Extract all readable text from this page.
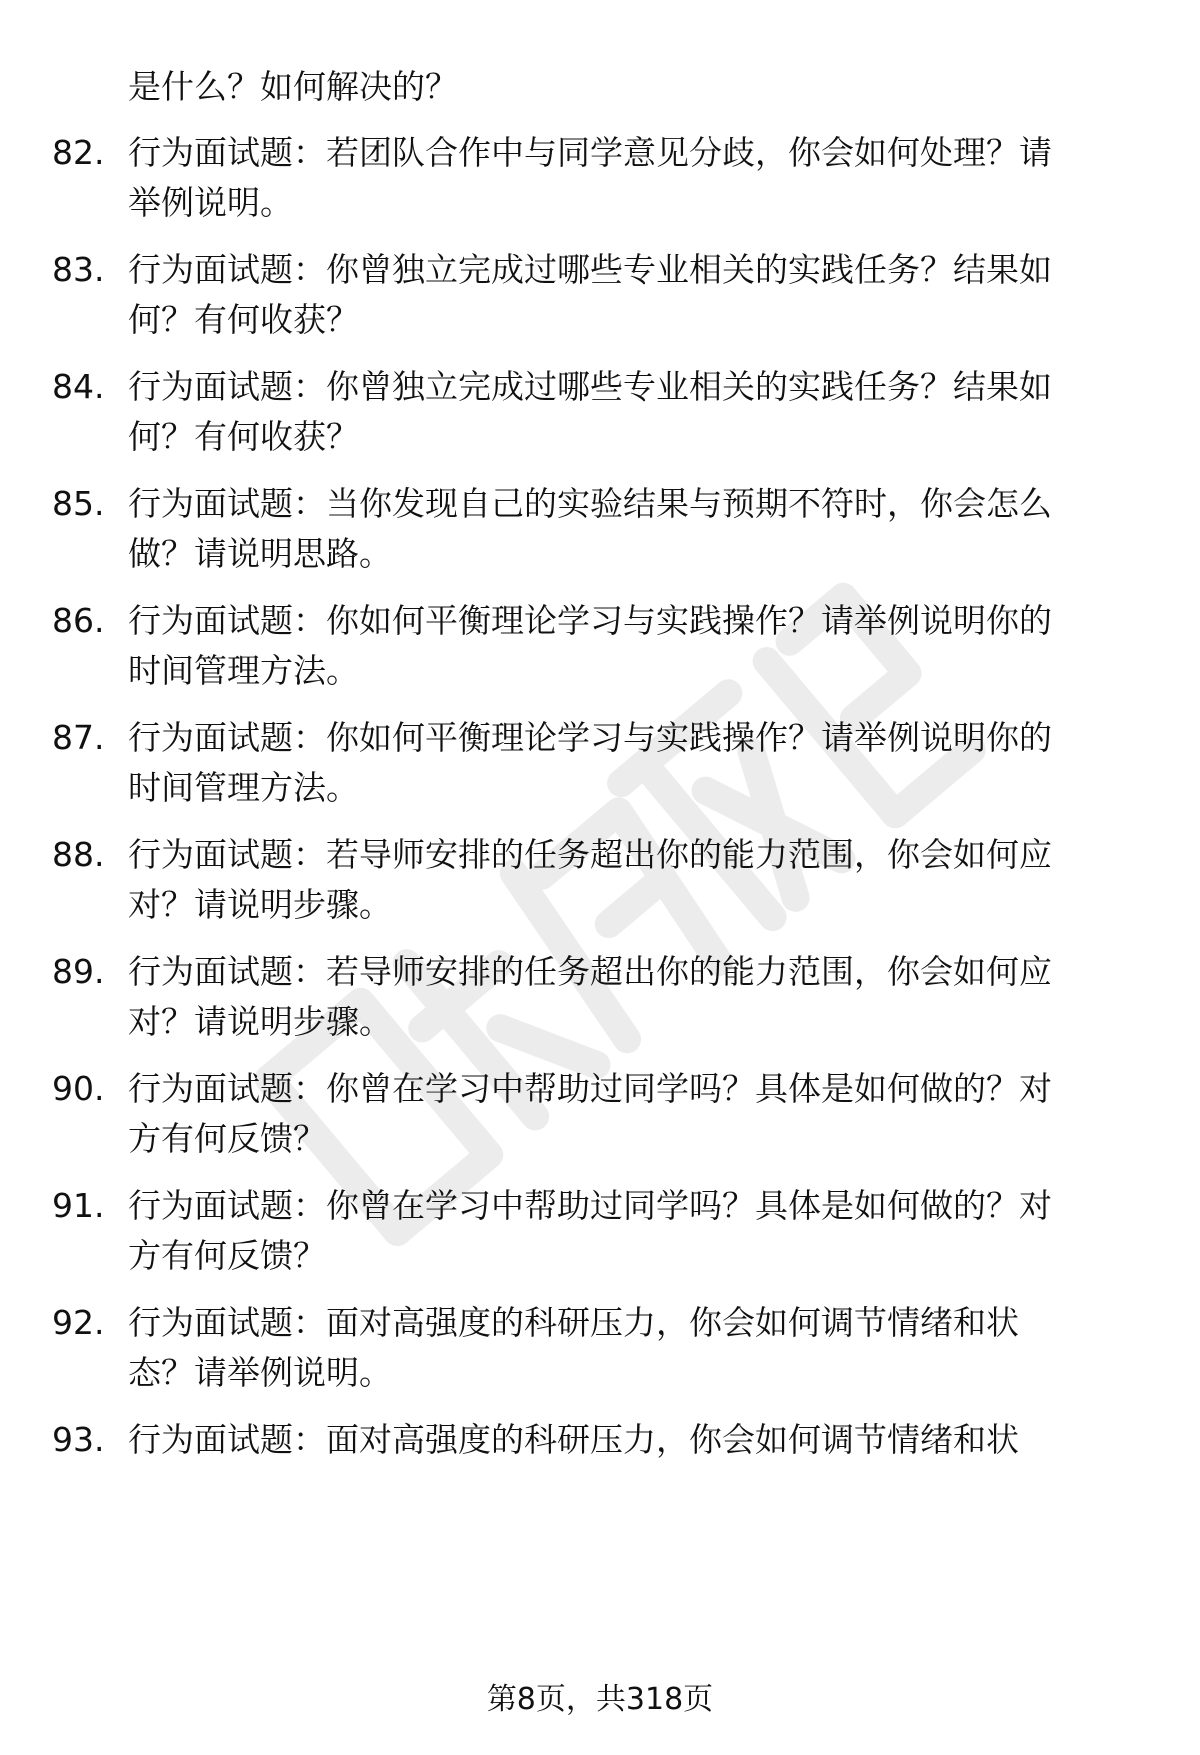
是什么？如何解决的？
82. 行为面试题：若团队合作中与同学意见分歧，你会如何处理？请
举例说明。
83. 行为面试题：你曾独立完成过哪些专业相关的实践任务？结果如
何？有何收获？
84. 行为面试题：你曾独立完成过哪些专业相关的实践任务？结果如
何？有何收获？
85. 行为面试题：当你发现自己的实验结果与预期不符时，你会怎么
做？请说明思路。
86. 行为面试题：你如何平衡理论学习与实践操作？请举例说明你的
时间管理方法。
87. 行为面试题：你如何平衡理论学习与实践操作？请举例说明你的
时间管理方法。
88. 行为面试题：若导师安排的任务超出你的能力范围，你会如何应
对？请说明步骤。
89. 行为面试题：若导师安排的任务超出你的能力范围，你会如何应
对？请说明步骤。
90. 行为面试题：你曾在学习中帮助过同学吗？具体是如何做的？对
方有何反馈？
91. 行为面试题：你曾在学习中帮助过同学吗？具体是如何做的？对
方有何反馈？
92. 行为面试题：面对高强度的科研压力，你会如何调节情绪和状
态？请举例说明。
93. 行为面试题：面对高强度的科研压力，你会如何调节情绪和状
第8页，共318页
